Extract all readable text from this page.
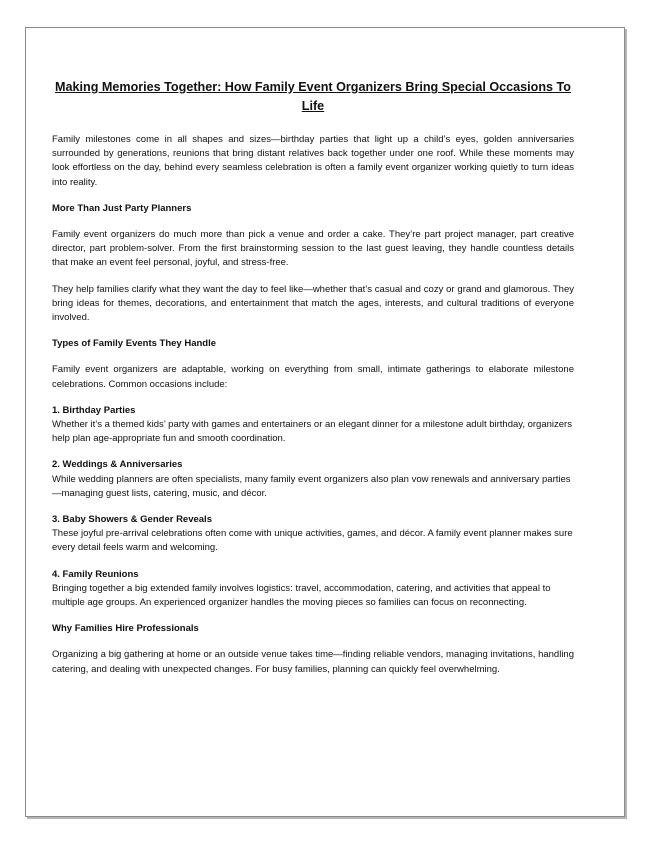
Making Memories Together: How Family Event Organizers Bring Special Occasions To Life

Family milestones come in all shapes and sizes—birthday parties that light up a child’s eyes, golden anniversaries surrounded by generations, reunions that bring distant relatives back together under one roof. While these moments may look effortless on the day, behind every seamless celebration is often a family event organizer working quietly to turn ideas into reality.

More Than Just Party Planners

Family event organizers do much more than pick a venue and order a cake. They’re part project manager, part creative director, part problem-solver. From the first brainstorming session to the last guest leaving, they handle countless details that make an event feel personal, joyful, and stress-free.

They help families clarify what they want the day to feel like—whether that’s casual and cozy or grand and glamorous. They bring ideas for themes, decorations, and entertainment that match the ages, interests, and cultural traditions of everyone involved.

Types of Family Events They Handle

Family event organizers are adaptable, working on everything from small, intimate gatherings to elaborate milestone celebrations. Common occasions include:

1. Birthday Parties
Whether it’s a themed kids’ party with games and entertainers or an elegant dinner for a milestone adult birthday, organizers help plan age-appropriate fun and smooth coordination.
2. Weddings & Anniversaries
While wedding planners are often specialists, many family event organizers also plan vow renewals and anniversary parties—managing guest lists, catering, music, and décor.
3. Baby Showers & Gender Reveals
These joyful pre-arrival celebrations often come with unique activities, games, and décor. A family event planner makes sure every detail feels warm and welcoming.
4. Family Reunions
Bringing together a big extended family involves logistics: travel, accommodation, catering, and activities that appeal to multiple age groups. An experienced organizer handles the moving pieces so families can focus on reconnecting.
Why Families Hire Professionals

Organizing a big gathering at home or an outside venue takes time—finding reliable vendors, managing invitations, handling catering, and dealing with unexpected changes. For busy families, planning can quickly feel overwhelming.
